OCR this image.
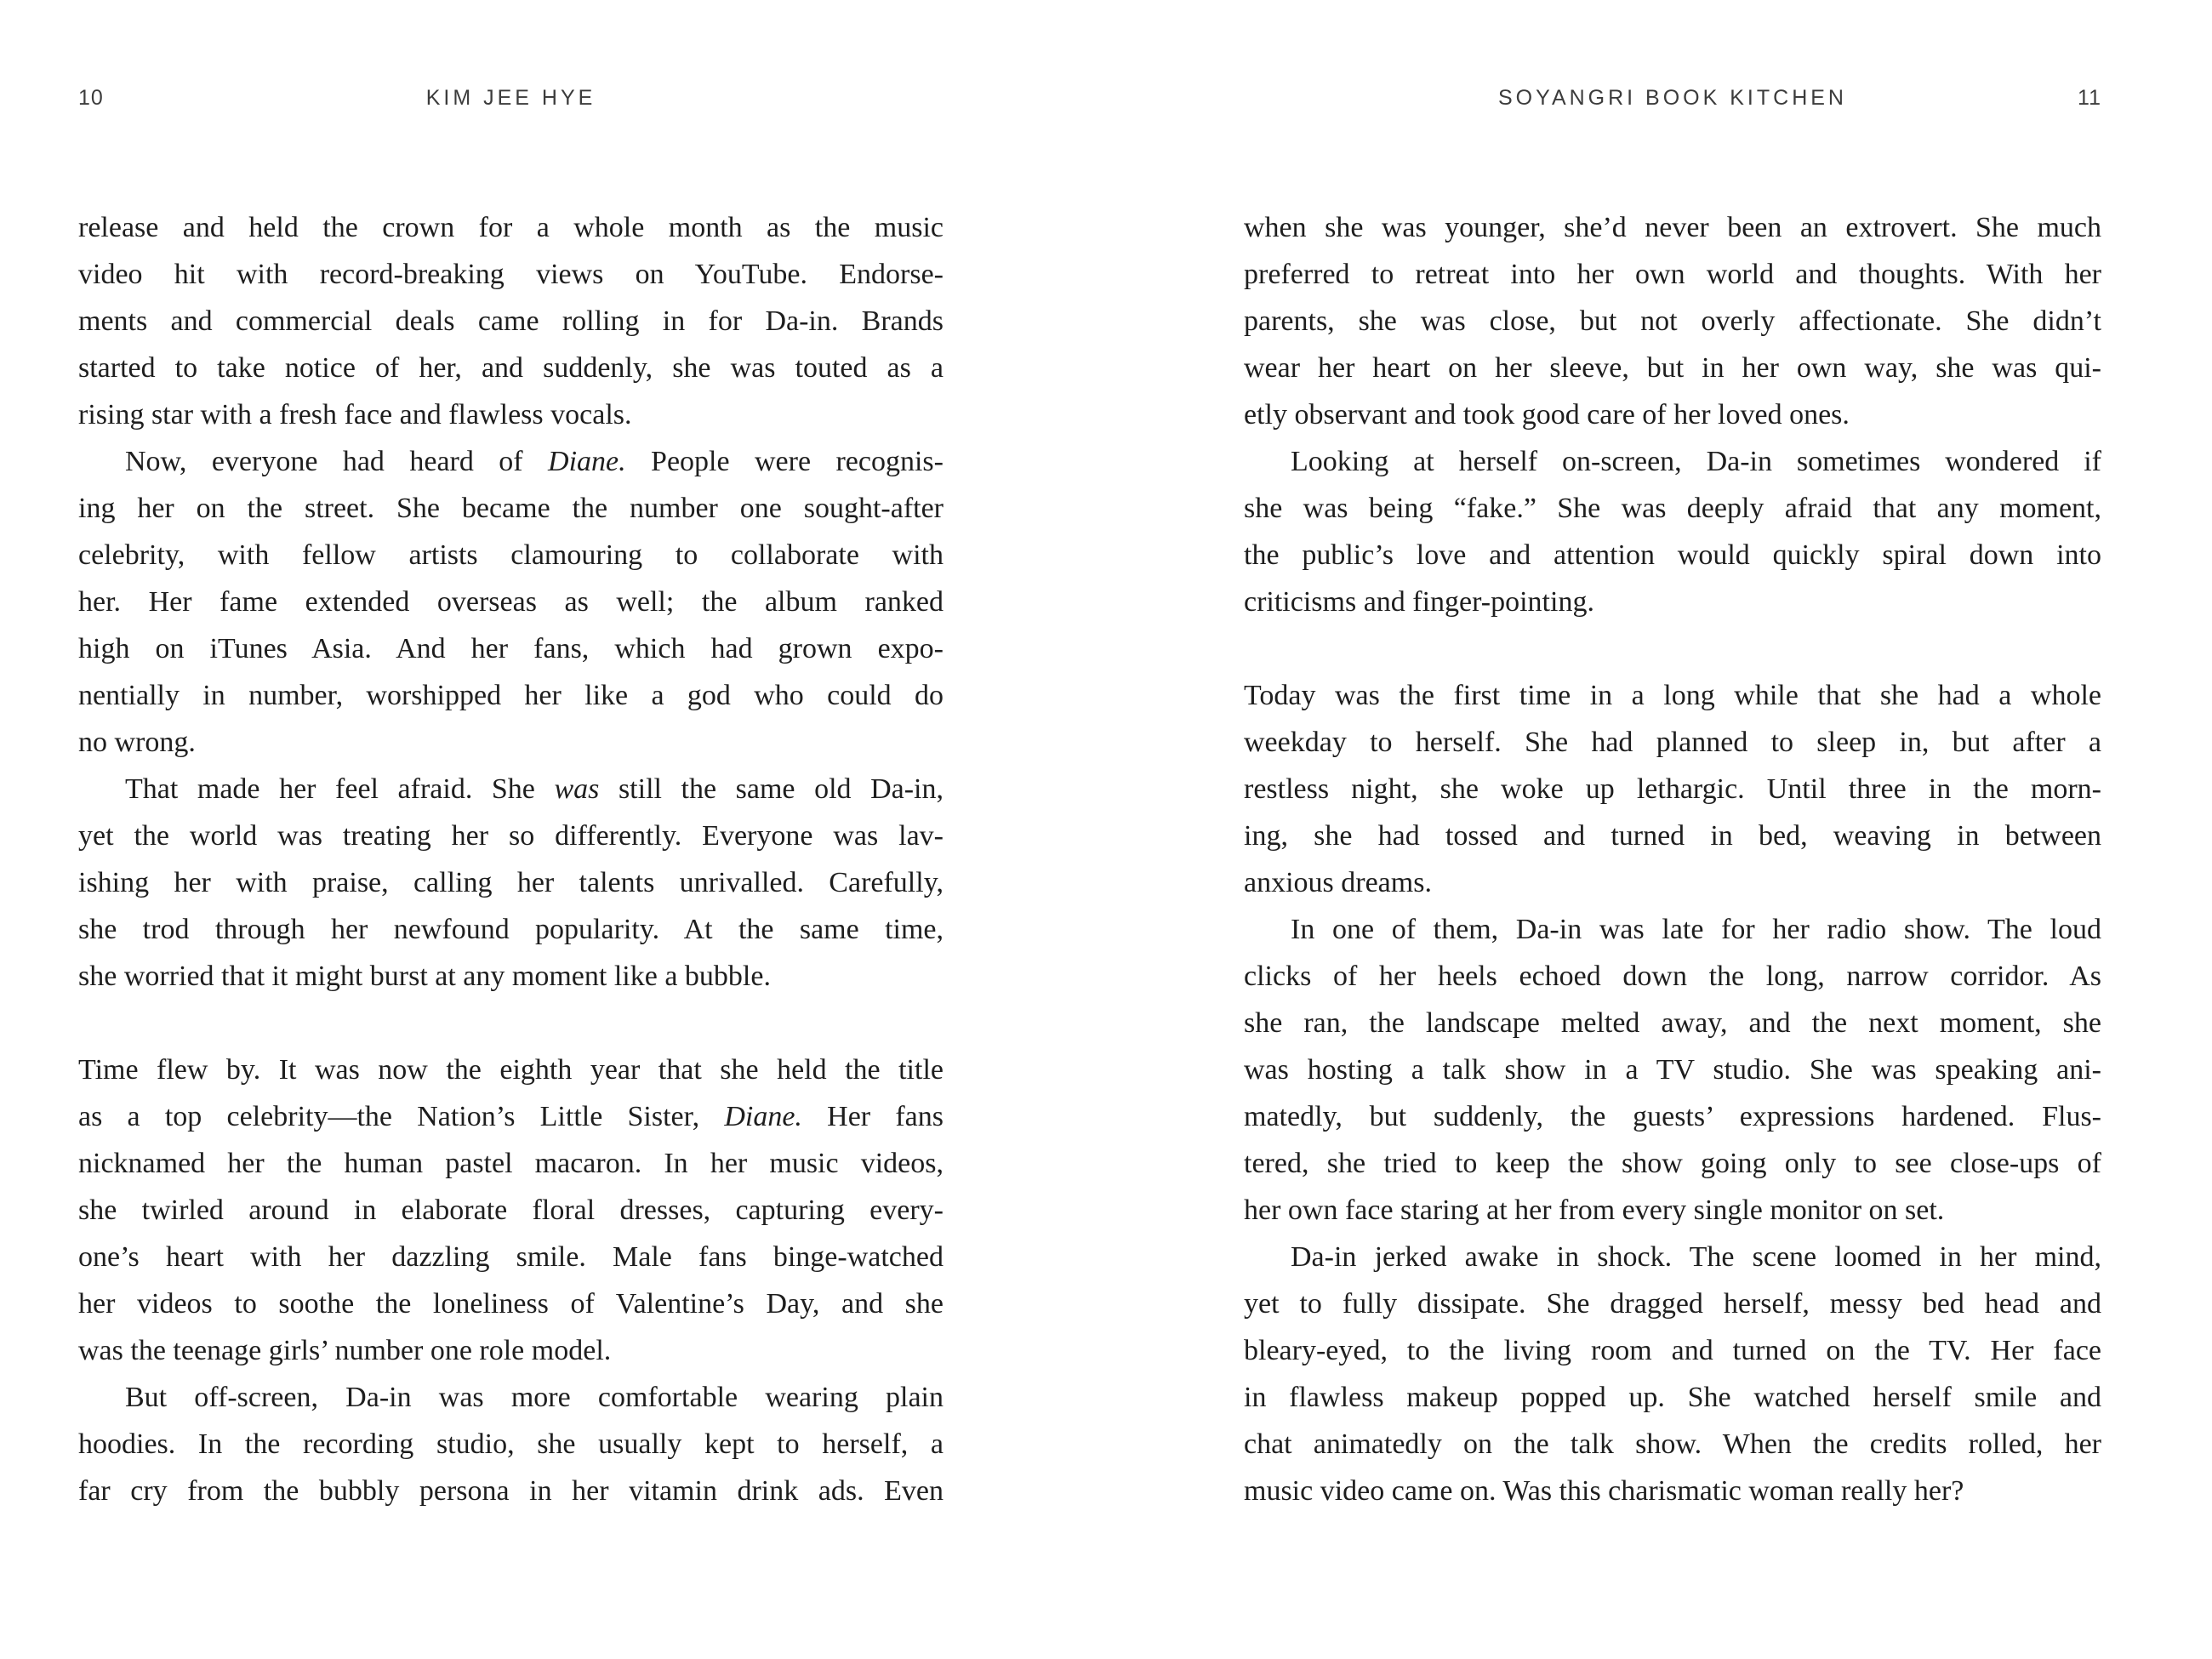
10	KIM JEE HYE
release and held the crown for a whole month as the music
video hit with record-breaking views on YouTube. Endorse-
ments and commercial deals came rolling in for Da-in. Brands
started to take notice of her, and suddenly, she was touted as a
rising star with a fresh face and flawless vocals.
Now, everyone had heard of Diane. People were recognis-
ing her on the street. She became the number one sought-after
celebrity, with fellow artists clamouring to collaborate with
her. Her fame extended overseas as well; the album ranked
high on iTunes Asia. And her fans, which had grown expo-
nentially in number, worshipped her like a god who could do
no wrong.
That made her feel afraid. She was still the same old Da-in,
yet the world was treating her so differently. Everyone was lav-
ishing her with praise, calling her talents unrivalled. Carefully,
she trod through her newfound popularity. At the same time,
she worried that it might burst at any moment like a bubble.
Time flew by. It was now the eighth year that she held the title
as a top celebrity—the Nation’s Little Sister, Diane. Her fans
nicknamed her the human pastel macaron. In her music videos,
she twirled around in elaborate floral dresses, capturing every-
one’s heart with her dazzling smile. Male fans binge-watched
her videos to soothe the loneliness of Valentine’s Day, and she
was the teenage girls’ number one role model.
But off-screen, Da-in was more comfortable wearing plain
hoodies. In the recording studio, she usually kept to herself, a
far cry from the bubbly persona in her vitamin drink ads. Even
11
SOYANGRI BOOK KITCHEN
when she was younger, she’d never been an extrovert. She much
preferred to retreat into her own world and thoughts. With her
parents, she was close, but not overly affectionate. She didn’t
wear her heart on her sleeve, but in her own way, she was qui-
etly observant and took good care of her loved ones.
Looking at herself on-screen, Da-in sometimes wondered if
she was being “fake.” She was deeply afraid that any moment,
the public’s love and attention would quickly spiral down into
criticisms and finger-pointing.
Today was the first time in a long while that she had a whole
weekday to herself. She had planned to sleep in, but after a
restless night, she woke up lethargic. Until three in the morn-
ing, she had tossed and turned in bed, weaving in between
anxious dreams.
In one of them, Da-in was late for her radio show. The loud
clicks of her heels echoed down the long, narrow corridor. As
she ran, the landscape melted away, and the next moment, she
was hosting a talk show in a TV studio. She was speaking ani-
matedly, but suddenly, the guests’ expressions hardened. Flus-
tered, she tried to keep the show going only to see close-ups of
her own face staring at her from every single monitor on set.
Da-in jerked awake in shock. The scene loomed in her mind,
yet to fully dissipate. She dragged herself, messy bed head and
bleary-eyed, to the living room and turned on the TV. Her face
in flawless makeup popped up. She watched herself smile and
chat animatedly on the talk show. When the credits rolled, her
music video came on. Was this charismatic woman really her?
